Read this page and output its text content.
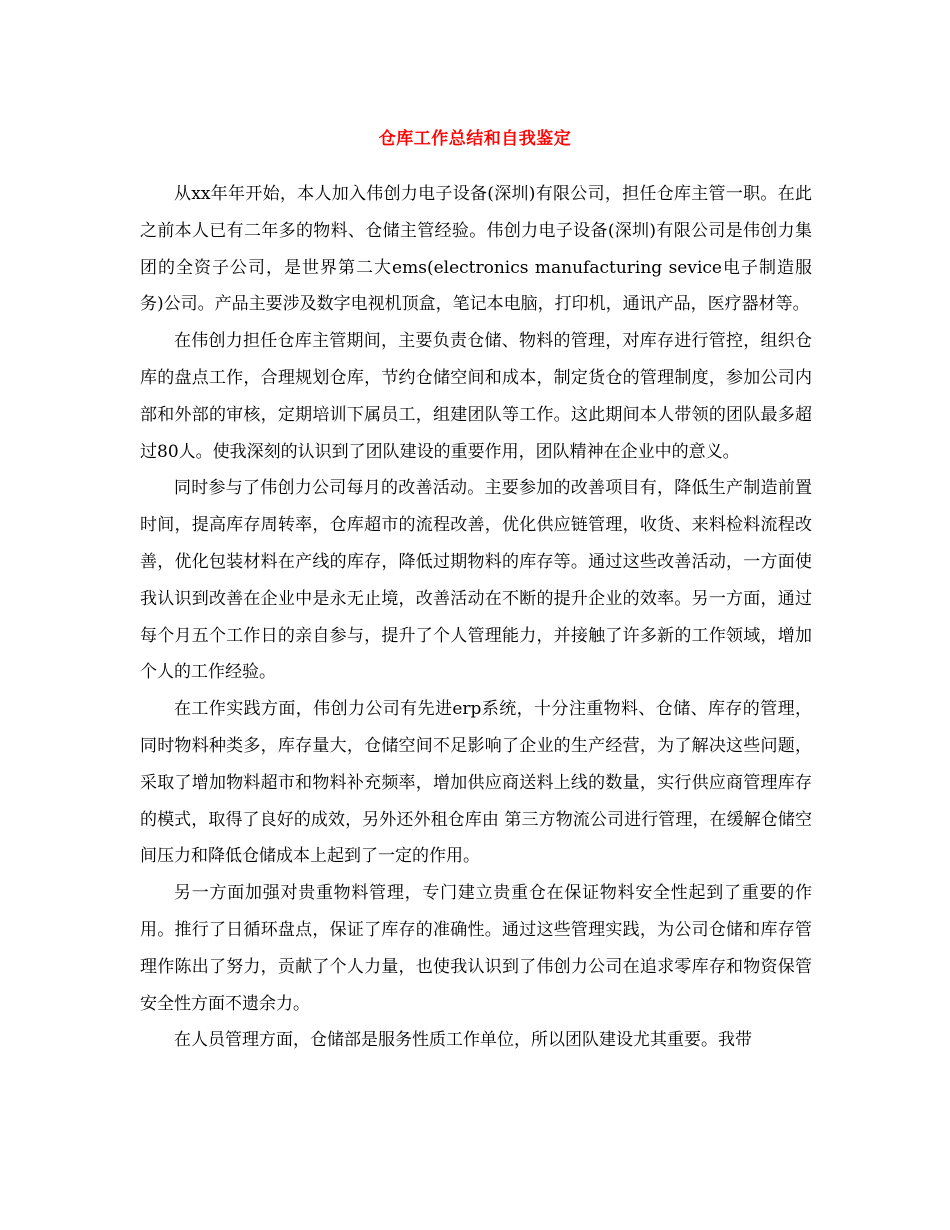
仓库工作总结和自我鉴定

从xx年年开始，本人加入伟创力电子设备(深圳)有限公司，担任仓库主管一职。在此之前本人已有二年多的物料、仓储主管经验。伟创力电子设备(深圳)有限公司是伟创力集团的全资子公司，是世界第二大ems(electronics manufacturing sevice电子制造服务)公司。产品主要涉及数字电视机顶盒，笔记本电脑，打印机，通讯产品，医疗器材等。

在伟创力担任仓库主管期间，主要负责仓储、物料的管理，对库存进行管控，组织仓库的盘点工作，合理规划仓库，节约仓储空间和成本，制定货仓的管理制度，参加公司内部和外部的审核，定期培训下属员工，组建团队等工作。这此期间本人带领的团队最多超过80人。使我深刻的认识到了团队建设的重要作用，团队精神在企业中的意义。

同时参与了伟创力公司每月的改善活动。主要参加的改善项目有，降低生产制造前置时间，提高库存周转率，仓库超市的流程改善，优化供应链管理，收货、来料检料流程改善，优化包装材料在产线的库存，降低过期物料的库存等。通过这些改善活动，一方面使我认识到改善在企业中是永无止境，改善活动在不断的提升企业的效率。另一方面，通过每个月五个工作日的亲自参与，提升了个人管理能力，并接触了许多新的工作领域，增加个人的工作经验。

在工作实践方面，伟创力公司有先进erp系统，十分注重物料、仓储、库存的管理，同时物料种类多，库存量大，仓储空间不足影响了企业的生产经营，为了解决这些问题，采取了增加物料超市和物料补充频率，增加供应商送料上线的数量，实行供应商管理库存的模式，取得了良好的成效，另外还外租仓库由 第三方物流公司进行管理，在缓解仓储空间压力和降低仓储成本上起到了一定的作用。

另一方面加强对贵重物料管理，专门建立贵重仓在保证物料安全性起到了重要的作用。推行了日循环盘点，保证了库存的准确性。通过这些管理实践，为公司仓储和库存管理作陈出了努力，贡献了个人力量，也使我认识到了伟创力公司在追求零库存和物资保管安全性方面不遗余力。

在人员管理方面，仓储部是服务性质工作单位，所以团队建设尤其重要。我带
